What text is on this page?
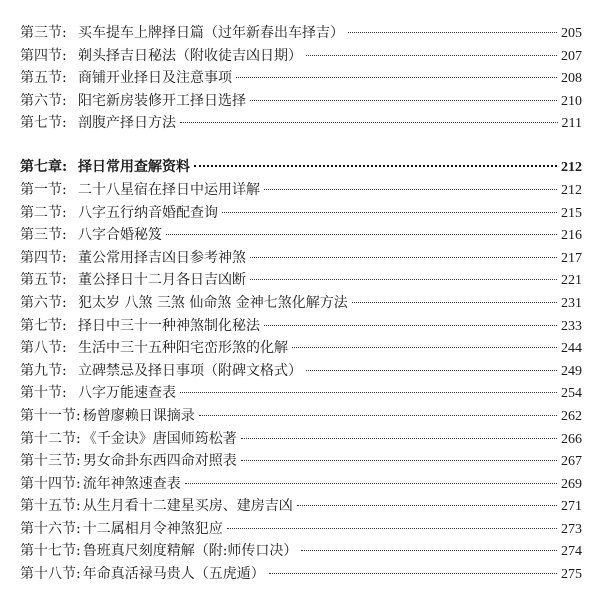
第三节: 买车提车上牌择日篇（过年新春出车择吉）	205
第四节: 剃头择吉日秘法（附收徒吉凶日期）	207
第五节: 商铺开业择日及注意事项	208
第六节: 阳宅新房装修开工择日选择	210
第七节: 剖腹产择日方法	211
第七章: 择日常用查解资料	212
第一节: 二十八星宿在择日中运用详解	212
第二节: 八字五行纳音婚配查询	215
第三节: 八字合婚秘笈	216
第四节: 董公常用择吉凶日参考神煞	217
第五节: 董公择日十二月各日吉凶断	221
第六节: 犯太岁 八煞 三煞 仙命煞 金神七煞化解方法	231
第七节: 择日中三十一种神煞制化秘法	233
第八节: 生活中三十五种阳宅峦形煞的化解	244
第九节: 立碑禁忌及择日事项（附碑文格式）	249
第十节: 八字万能速查表	254
第十一节: 杨曾廖赖日课摘录	262
第十二节: 《千金诀》唐国师筠松著	266
第十三节: 男女命卦东西四命对照表	267
第十四节: 流年神煞速查表	269
第十五节: 从生月看十二建星买房、建房吉凶	271
第十六节: 十二属相月令神煞犯应	273
第十七节: 鲁班真尺刻度精解（附:师传口决）	274
第十八节: 年命真活禄马贵人（五虎遁）	275
